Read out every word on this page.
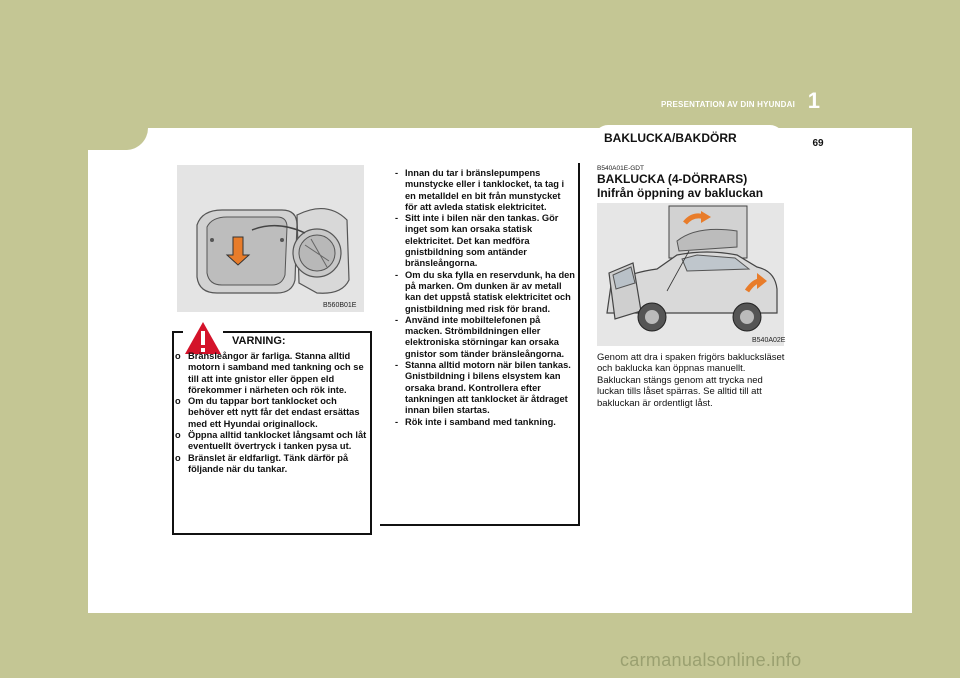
PRESENTATION AV DIN HYUNDAI 1
BAKLUCKA/BAKDÖRR	69
B560B01E
VARNING:
o Bränsleångor är farliga. Stanna alltid motorn i samband med tankning och se till att inte gnistor eller öppen eld förekommer i närheten och rök inte.
o Om du tappar bort tanklocket och behöver ett nytt får det endast ersättas med ett Hyundai originallock.
o Öppna alltid tanklocket långsamt och låt eventuellt övertryck i tanken pysa ut.
o Bränslet är eldfarligt. Tänk därför på följande när du tankar.
- Innan du tar i bränslepumpens munstycke eller i tanklocket, ta tag i en metalldel en bit från munstycket för att avleda statisk elektricitet.
- Sitt inte i bilen när den tankas. Gör inget som kan orsaka statisk elektricitet. Det kan medföra gnistbildning som antänder bränsleångorna.
- Om du ska fylla en reservdunk, ha den på marken. Om dunken är av metall kan det uppstå statisk elektricitet och gnistbildning med risk för brand.
- Använd inte mobiltelefonen på macken. Strömbildningen eller elektroniska störningar kan orsaka gnistor som tänder bränsleångorna.
- Stanna alltid motorn när bilen tankas. Gnistbildning i bilens elsystem kan orsaka brand. Kontrollera efter tankningen att tanklocket är åtdraget innan bilen startas.
- Rök inte i samband med tankning.
B540A01E-GDT
BAKLUCKA (4-DÖRRARS)
Inifrån öppning av bakluckan
B540A02E

Genom att dra i spaken frigörs baklucksläset och baklucka kan öppnas manuellt.

Bakluckan stängs genom att trycka ned luckan tills låset spärras. Se alltid till att bakluckan är ordentligt låst.

carmanualsonline.info
